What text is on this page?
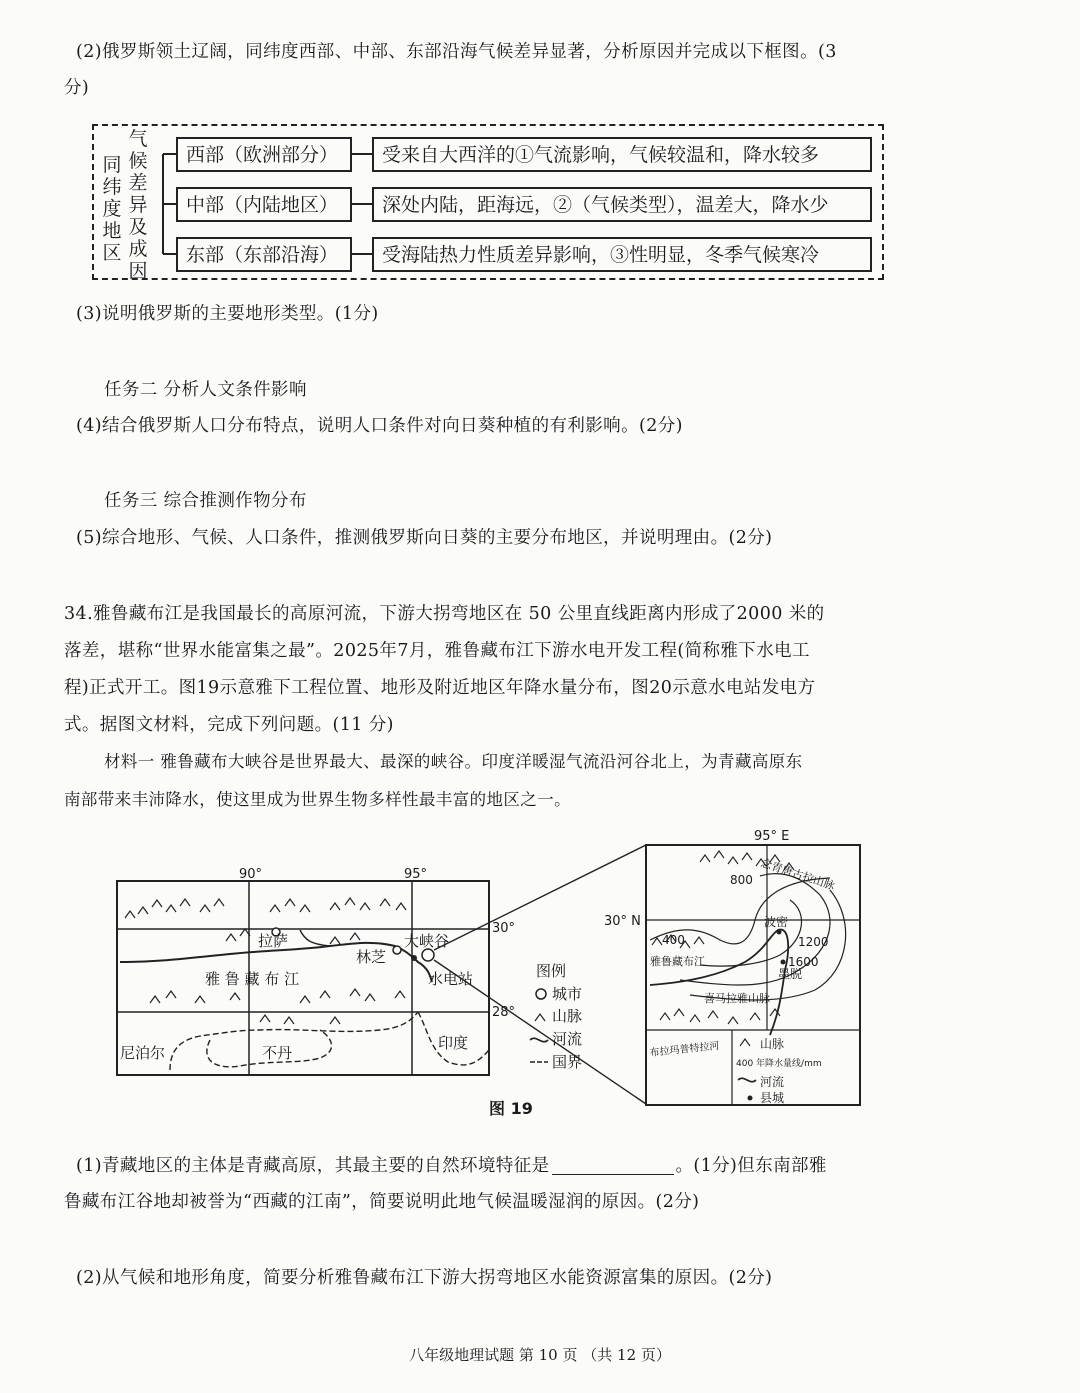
(2)俄罗斯领土辽阔，同纬度西部、中部、东部沿海气候差异显著，分析原因并完成以下框图。(3
分)
同纬度地区
气候差异及成因
西部（欧洲部分）
中部（内陆地区）
东部（东部沿海）
受来自大西洋的①气流影响，气候较温和，降水较多
深处内陆，距海远，②（气候类型），温差大，降水少
受海陆热力性质差异影响，③性明显，冬季气候寒冷
(3)说明俄罗斯的主要地形类型。(1分)
任务二 分析人文条件影响
(4)结合俄罗斯人口分布特点，说明人口条件对向日葵种植的有利影响。(2分)
任务三 综合推测作物分布
(5)综合地形、气候、人口条件，推测俄罗斯向日葵的主要分布地区，并说明理由。(2分)
34.雅鲁藏布江是我国最长的高原河流，下游大拐弯地区在 50 公里直线距离内形成了2000 米的
落差，堪称“世界水能富集之最”。2025年7月，雅鲁藏布江下游水电开发工程(简称雅下水电工
程)正式开工。图19示意雅下工程位置、地形及附近地区年降水量分布，图20示意水电站发电方
式。据图文材料，完成下列问题。(11 分)
材料一 雅鲁藏布大峡谷是世界最大、最深的峡谷。印度洋暖湿气流沿河谷北上，为青藏高原东
南部带来丰沛降水，使这里成为世界生物多样性最丰富的地区之一。
90°	95°
30°
28°
拉萨
林芝
大峡谷
雅 鲁 藏 布 江	水电站
尼泊尔	不丹
印度
图例
城市
山脉
河流
国界
95° E
30° N
念青唐古拉山脉
雅鲁藏布江
喜马拉雅山脉
布拉玛普特拉河
波密
墨脱
400
800
1200
1600
山脉
400 年降水量线/mm
河流
县城
图 19
(1)青藏地区的主体是青藏高原，其最主要的自然环境特征是	。(1分)但东南部雅
鲁藏布江谷地却被誉为“西藏的江南”，简要说明此地气候温暖湿润的原因。(2分)
(2)从气候和地形角度，简要分析雅鲁藏布江下游大拐弯地区水能资源富集的原因。(2分)
八年级地理试题 第 10 页 （共 12 页）
